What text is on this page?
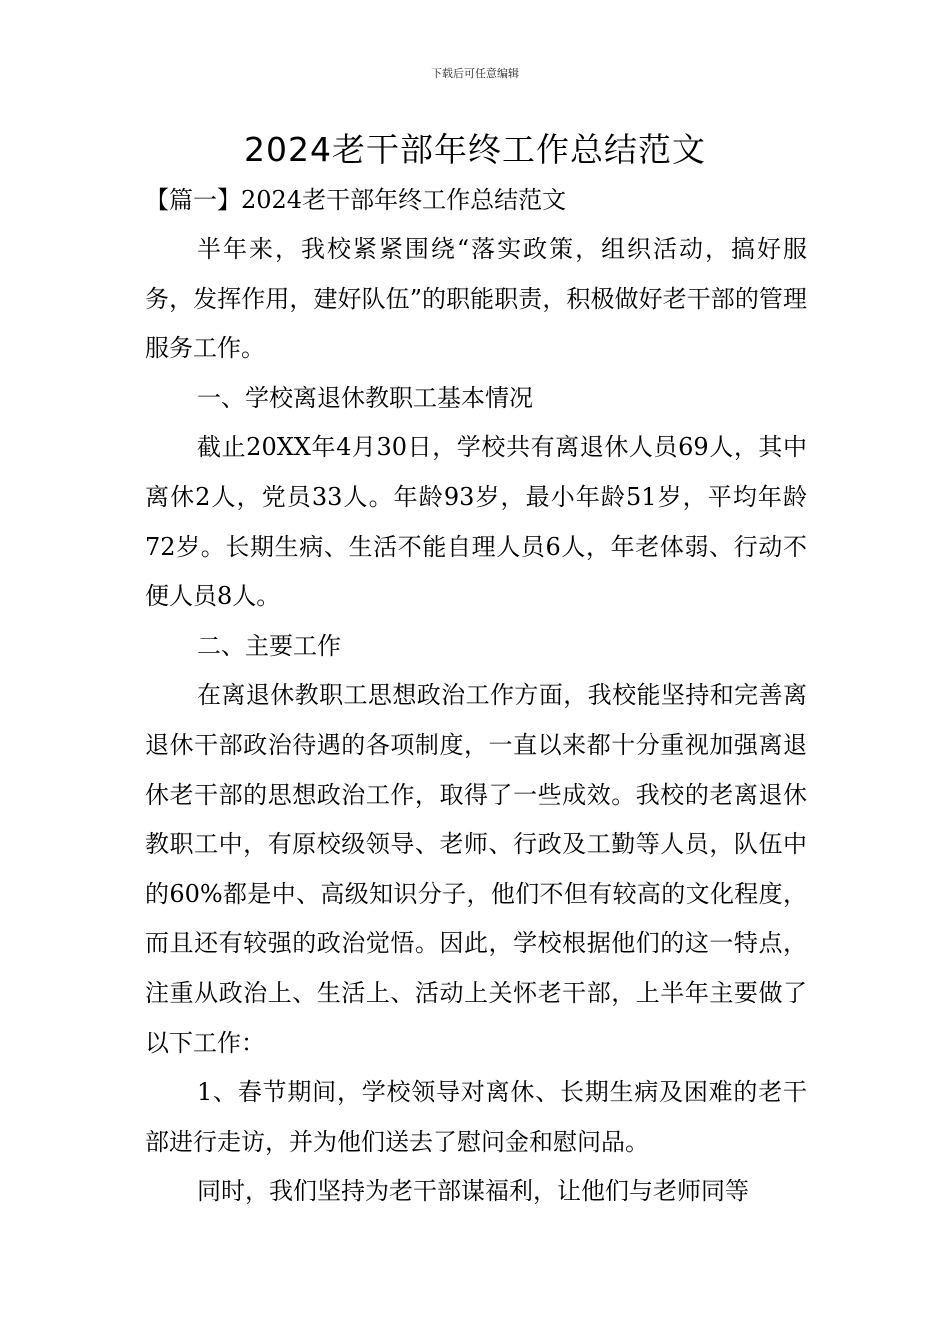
下载后可任意编辑
2024老干部年终工作总结范文
【篇一】2024老干部年终工作总结范文

半年来，我校紧紧围绕“落实政策，组织活动，搞好服务，发挥作用，建好队伍”的职能职责，积极做好老干部的管理服务工作。

一、学校离退休教职工基本情况

截止20XX年4月30日，学校共有离退休人员69人，其中离休2人，党员33人。年龄93岁，最小年龄51岁，平均年龄72岁。长期生病、生活不能自理人员6人，年老体弱、行动不便人员8人。

二、主要工作

在离退休教职工思想政治工作方面，我校能坚持和完善离退休干部政治待遇的各项制度，一直以来都十分重视加强离退休老干部的思想政治工作，取得了一些成效。我校的老离退休教职工中，有原校级领导、老师、行政及工勤等人员，队伍中的60%都是中、高级知识分子，他们不但有较高的文化程度，而且还有较强的政治觉悟。因此，学校根据他们的这一特点，注重从政治上、生活上、活动上关怀老干部，上半年主要做了以下工作：

1、春节期间，学校领导对离休、长期生病及困难的老干部进行走访，并为他们送去了慰问金和慰问品。

同时，我们坚持为老干部谋福利，让他们与老师同等
